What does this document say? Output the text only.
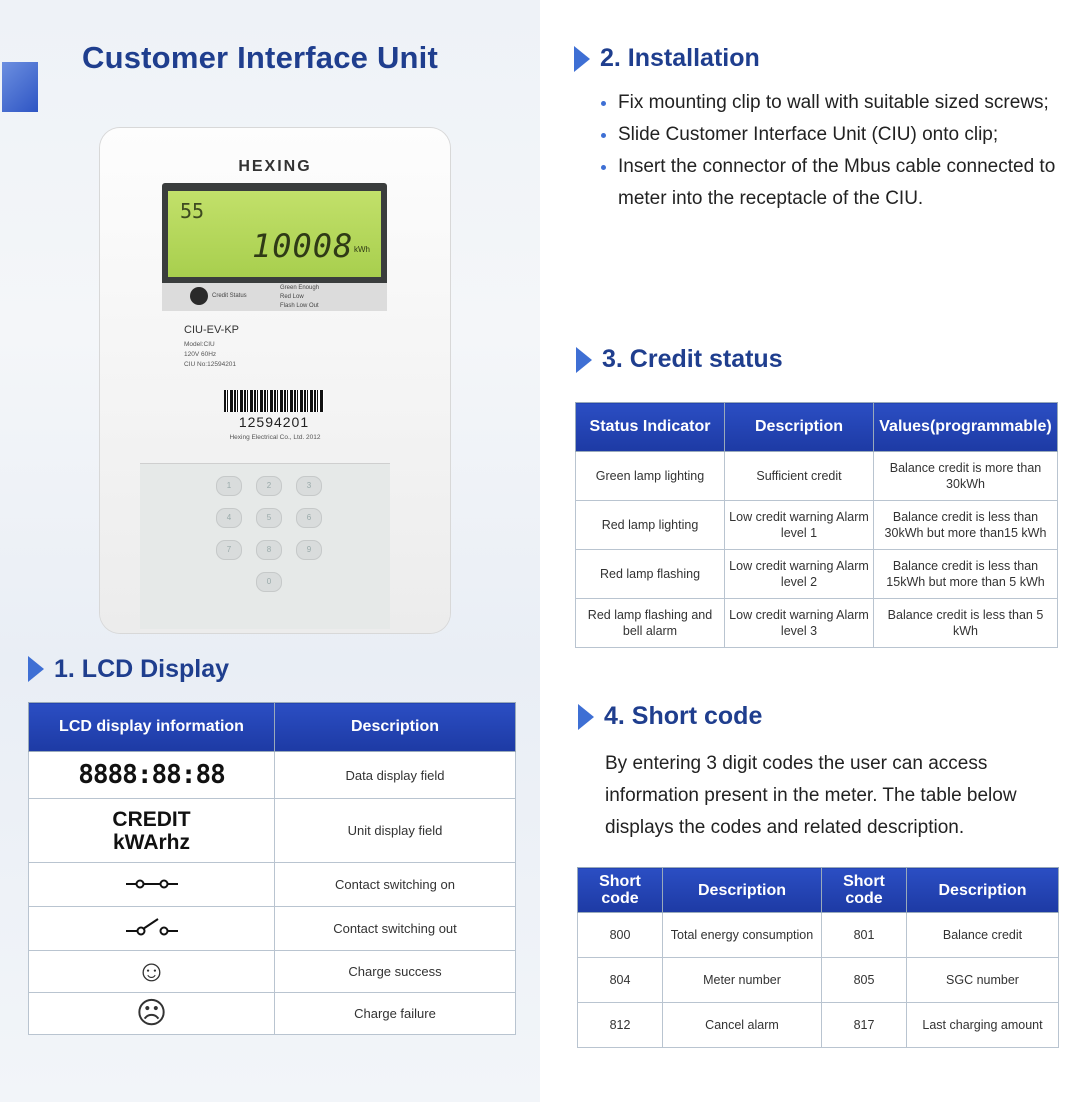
Customer Interface Unit
HEXING
55
10008 kWh
Credit Status
Green Enough
Red Low
Flash Low Out
CIU-EV-KP
Model:CIU
120V 60Hz
CIU No:12594201
12594201
Hexing Electrical Co., Ltd. 2012
1	2	3
4	5	6
7	8	9
0
1. LCD Display
LCD display information	Description
8888:88:88	Data display field

CREDIT
kWArhz	Unit display field
	Contact switching on
	Contact switching out
☺	Charge success
☹	Charge failure
2. Installation
• Fix mounting clip to wall with suitable sized screws;
• Slide Customer Interface Unit (CIU) onto clip;
• Insert the connector of the Mbus cable connected to meter into the receptacle of the CIU.
3. Credit status
Status Indicator	Description	Values(programmable)
Green lamp lighting	Sufficient credit	Balance credit is more than 30kWh
Red lamp lighting	Low credit warning Alarm level 1	Balance credit is less than 30kWh but more than15 kWh
Red lamp flashing	Low credit warning Alarm level 2	Balance credit is less than 15kWh but more than 5 kWh
Red lamp flashing and bell alarm	Low credit warning Alarm level 3	Balance credit is less than 5 kWh
4. Short code
By entering 3 digit codes the user can access information present in the meter. The table below displays the codes and related description.
Short code	Description	Short code	Description
800	Total energy consumption	801	Balance credit
804	Meter number	805	SGC number
812	Cancel alarm	817	Last charging amount
